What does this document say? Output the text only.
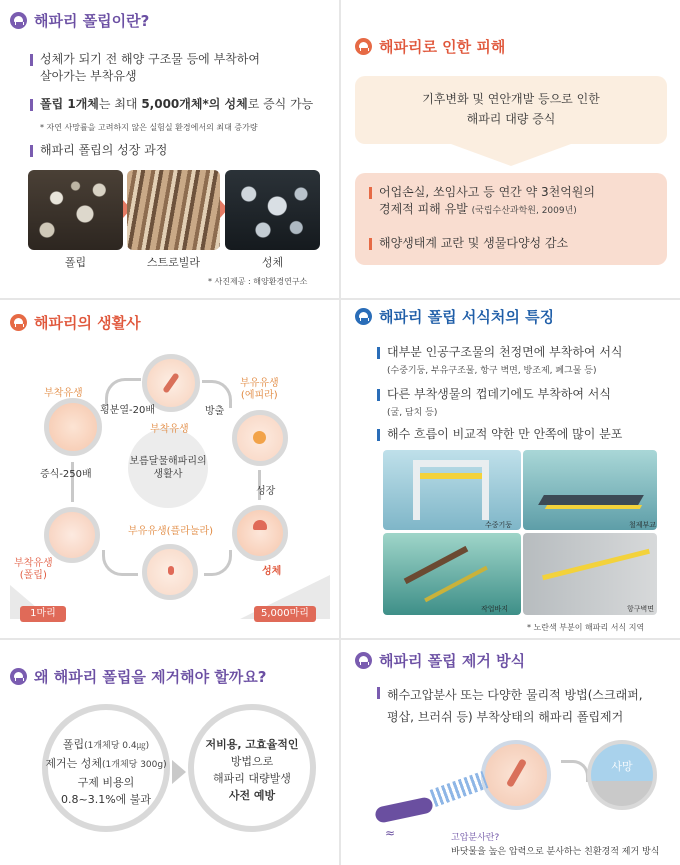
해파리 폴립이란?
성체가 되기 전 해양 구조물 등에 부착하여
살아가는 부착유생
폴립 1개체는 최대 5,000개체*의 성체로 증식 가능
* 자연 사망률을 고려하지 않은 실험실 환경에서의 최대 증가량
해파리 폴립의 성장 과정
폴립	스트로빌라	성체
* 사진제공 : 해양환경연구소
해파리로 인한 피해
기후변화 및 연안개발 등으로 인한
해파리 대량 증식
어업손실, 쏘임사고 등 연간 약 3천억원의
경제적 피해 유발 (국립수산과학원, 2009년)
해양생태계 교란 및 생물다양성 감소
해파리의 생활사
보름달물해파리의
생활사
부착유생
횡분열-20배
부착유생
방출
부유유생
(에피라)
성장
성체
부유유생(플라눌라)
부착유생
(폴립)
증식-250배
1마리	5,000마리
해파리 폴립 서식처의 특징
대부분 인공구조물의 천정면에 부착하여 서식
(수중기둥, 부유구조물, 항구 벽면, 방조제, 폐그물 등)
다른 부착생물의 껍데기에도 부착하여 서식
(굴, 담치 등)
해수 흐름이 비교적 약한 만 안쪽에 많이 분포
수중기둥	철제부교
작업바지	항구벽면
* 노란색 부분이 해파리 서식 지역
왜 해파리 폴립을 제거해야 할까요?
폴립(1개체당 0.4㎍)
제거는 성체(1개체당 300g)
구제 비용의
0.8~3.1%에 불과
저비용, 고효율적인
방법으로
해파리 대량발생
사전 예방
해파리 폴립 제거 방식
해수고압분사 또는 다양한 물리적 방법(스크래퍼,
평삽, 브러쉬 등) 부착상태의 해파리 폴립제거
사망
≈	고압분사란?
바닷물을 높은 압력으로 분사하는 친환경적 제거 방식
